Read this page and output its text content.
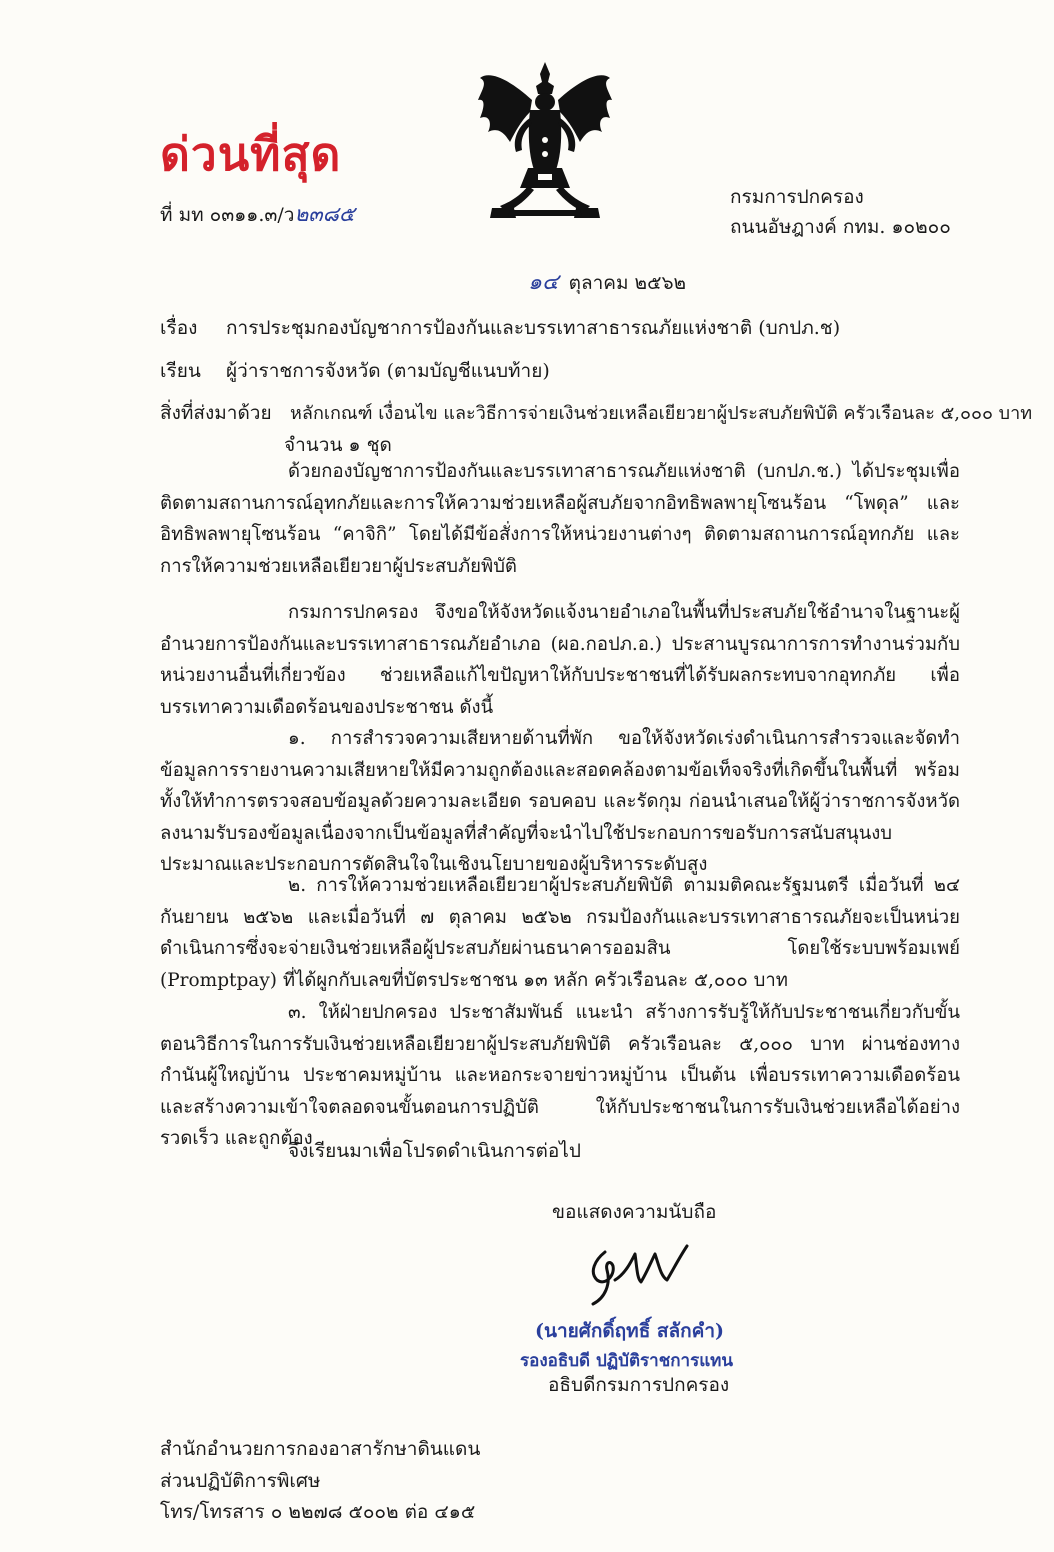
ด่วนที่สุด
ที่ มท ๐๓๑๑.๓/ว๒๓๘๕
กรมการปกครอง
ถนนอัษฎางค์ กทม. ๑๐๒๐๐
๑๔ ตุลาคม ๒๕๖๒
เรื่อง การประชุมกองบัญชาการป้องกันและบรรเทาสาธารณภัยแห่งชาติ (บกปภ.ช)
เรียน ผู้ว่าราชการจังหวัด (ตามบัญชีแนบท้าย)
สิ่งที่ส่งมาด้วย หลักเกณฑ์ เงื่อนไข และวิธีการจ่ายเงินช่วยเหลือเยียวยาผู้ประสบภัยพิบัติ ครัวเรือนละ ๕,๐๐๐ บาท
จำนวน ๑ ชุด
ด้วยกองบัญชาการป้องกันและบรรเทาสาธารณภัยแห่งชาติ (บกปภ.ช.) ได้ประชุมเพื่อติดตามสถานการณ์อุทกภัยและการให้ความช่วยเหลือผู้สบภัยจากอิทธิพลพายุโซนร้อน “โพดุล” และอิทธิพลพายุโซนร้อน “คาจิกิ” โดยได้มีข้อสั่งการให้หน่วยงานต่างๆ ติดตามสถานการณ์อุทกภัย และการให้ความช่วยเหลือเยียวยาผู้ประสบภัยพิบัติ
กรมการปกครอง จึงขอให้จังหวัดแจ้งนายอำเภอในพื้นที่ประสบภัยใช้อำนาจในฐานะผู้อำนวยการป้องกันและบรรเทาสาธารณภัยอำเภอ (ผอ.กอปภ.อ.) ประสานบูรณาการการทำงานร่วมกับหน่วยงานอื่นที่เกี่ยวข้อง ช่วยเหลือแก้ไขปัญหาให้กับประชาชนที่ได้รับผลกระทบจากอุทกภัย เพื่อบรรเทาความเดือดร้อนของประชาชน ดังนี้
๑. การสำรวจความเสียหายด้านที่พัก ขอให้จังหวัดเร่งดำเนินการสำรวจและจัดทำข้อมูลการรายงานความเสียหายให้มีความถูกต้องและสอดคล้องตามข้อเท็จจริงที่เกิดขึ้นในพื้นที่ พร้อมทั้งให้ทำการตรวจสอบข้อมูลด้วยความละเอียด รอบคอบ และรัดกุม ก่อนนำเสนอให้ผู้ว่าราชการจังหวัดลงนามรับรองข้อมูลเนื่องจากเป็นข้อมูลที่สำคัญที่จะนำไปใช้ประกอบการขอรับการสนับสนุนงบประมาณและประกอบการตัดสินใจในเชิงนโยบายของผู้บริหารระดับสูง
๒. การให้ความช่วยเหลือเยียวยาผู้ประสบภัยพิบัติ ตามมติคณะรัฐมนตรี เมื่อวันที่ ๒๔ กันยายน ๒๕๖๒ และเมื่อวันที่ ๗ ตุลาคม ๒๕๖๒ กรมป้องกันและบรรเทาสาธารณภัยจะเป็นหน่วยดำเนินการซึ่งจะจ่ายเงินช่วยเหลือผู้ประสบภัยผ่านธนาคารออมสิน โดยใช้ระบบพร้อมเพย์ (Promptpay) ที่ได้ผูกกับเลขที่บัตรประชาชน ๑๓ หลัก ครัวเรือนละ ๕,๐๐๐ บาท
๓. ให้ฝ่ายปกครอง ประชาสัมพันธ์ แนะนำ สร้างการรับรู้ให้กับประชาชนเกี่ยวกับขั้นตอนวิธีการในการรับเงินช่วยเหลือเยียวยาผู้ประสบภัยพิบัติ ครัวเรือนละ ๕,๐๐๐ บาท ผ่านช่องทางกำนันผู้ใหญ่บ้าน ประชาคมหมู่บ้าน และหอกระจายข่าวหมู่บ้าน เป็นต้น เพื่อบรรเทาความเดือดร้อน และสร้างความเข้าใจตลอดจนขั้นตอนการปฏิบัติ ให้กับประชาชนในการรับเงินช่วยเหลือได้อย่างรวดเร็ว และถูกต้อง
จึงเรียนมาเพื่อโปรดดำเนินการต่อไป
ขอแสดงความนับถือ
(นายศักดิ์ฤทธิ์ สลักคำ)
รองอธิบดี ปฏิบัติราชการแทน
อธิบดีกรมการปกครอง
สำนักอำนวยการกองอาสารักษาดินแดน
ส่วนปฏิบัติการพิเศษ
โทร/โทรสาร ๐ ๒๒๗๘ ๕๐๐๒ ต่อ ๔๑๕
